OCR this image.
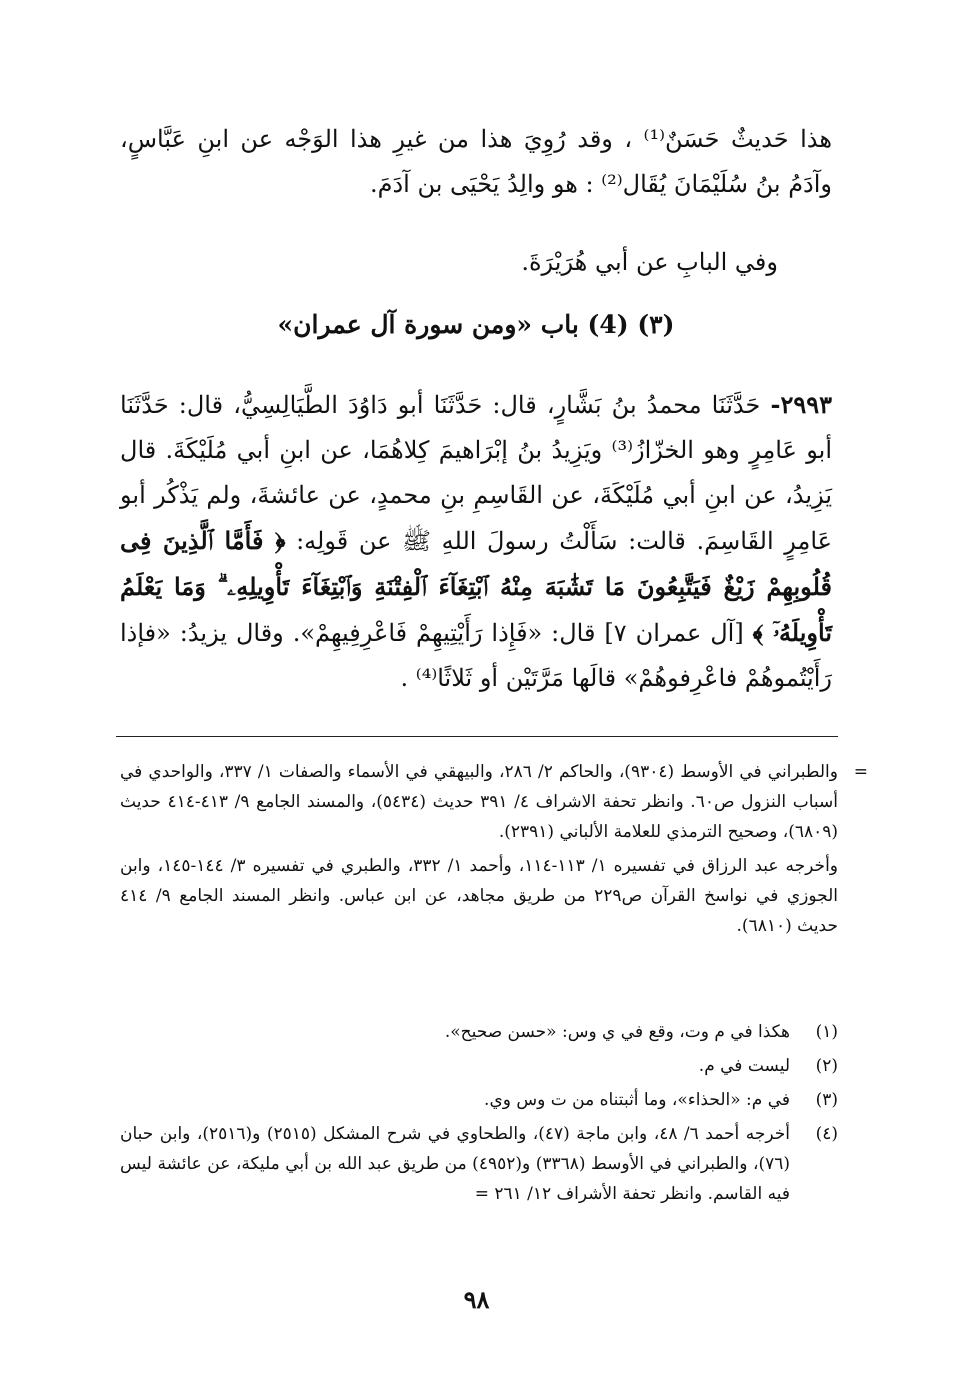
هذا حَديثٌ حَسَنٌ⁽¹⁾ ، وقد رُوِيَ هذا من غيرِ هذا الوَجْه عن ابنِ عَبَّاسٍ، وآدَمُ بنُ سُلَيْمَانَ يُقَال⁽²⁾ : هو والِدُ يَحْيَى بن آدَمَ.

وفي البابِ عن أبي هُرَيْرَةَ.

(٣) (4) باب «ومن سورة آل عمران»

٢٩٩٣- حَدَّثَنَا محمدُ بنُ بَشَّارٍ، قال: حَدَّثَنَا أبو دَاوُدَ الطَّيَالِسِيُّ، قال: حَدَّثَنَا أبو عَامِرٍ وهو الخزّازُ⁽³⁾ ويَزِيدُ بنُ إبْرَاهيمَ كِلاهُمَا، عن ابنِ أبي مُلَيْكَةَ. قال يَزِيدُ، عن ابنِ أبي مُلَيْكَةَ، عن القَاسِمِ بنِ محمدٍ، عن عائشةَ، ولم يَذْكُر أبو عَامِرٍ القَاسِمَ. قالت: سَأَلْتُ رسولَ اللهِ ﷺ عن قَولِه: ﴿ فَأَمَّا ٱلَّذِينَ فِى قُلُوبِهِمْ زَيْغٌ فَيَتَّبِعُونَ مَا تَشَٰبَهَ مِنْهُ ٱبْتِغَآءَ ٱلْفِتْنَةِ وَٱبْتِغَآءَ تَأْوِيلِهِۦ ۗ وَمَا يَعْلَمُ تَأْوِيلَهُۥٓ ﴾ [آل عمران ٧] قال: «فَإِذا رَأَيْتِيهِمْ فَاعْرِفِيهِمْ». وقال يزيدُ: «فإذا رَأَيْتُموهُمْ فاعْرِفوهُمْ» قالَها مَرَّتَيْن أو ثَلاثًا⁽⁴⁾ .

=

والطبراني في الأوسط (٩٣٠٤)، والحاكم ٢/ ٢٨٦، والبيهقي في الأسماء والصفات ١/ ٣٣٧، والواحدي في أسباب النزول ص٦٠. وانظر تحفة الاشراف ٤/ ٣٩١ حديث (٥٤٣٤)، والمسند الجامع ٩/ ٤١٣-٤١٤ حديث (٦٨٠٩)، وصحيح الترمذي للعلامة الألباني (٢٣٩١).

وأخرجه عبد الرزاق في تفسيره ١/ ١١٣-١١٤، وأحمد ١/ ٣٣٢، والطبري في تفسيره ٣/ ١٤٤-١٤٥، وابن الجوزي في نواسخ القرآن ص٢٢٩ من طريق مجاهد، عن ابن عباس. وانظر المسند الجامع ٩/ ٤١٤ حديث (٦٨١٠).

(١)
هكذا في م وت، وقع في ي وس: «حسن صحيح».
(٢)
ليست في م.
(٣)
في م: «الحذاء»، وما أثبتناه من ت وس وي.
(٤)
أخرجه أحمد ٦/ ٤٨، وابن ماجة (٤٧)، والطحاوي في شرح المشكل (٢٥١٥) و(٢٥١٦)، وابن حبان (٧٦)، والطبراني في الأوسط (٣٣٦٨) و(٤٩٥٢) من طريق عبد الله بن أبي مليكة، عن عائشة ليس فيه القاسم. وانظر تحفة الأشراف ١٢/ ٢٦١ =
٩٨
